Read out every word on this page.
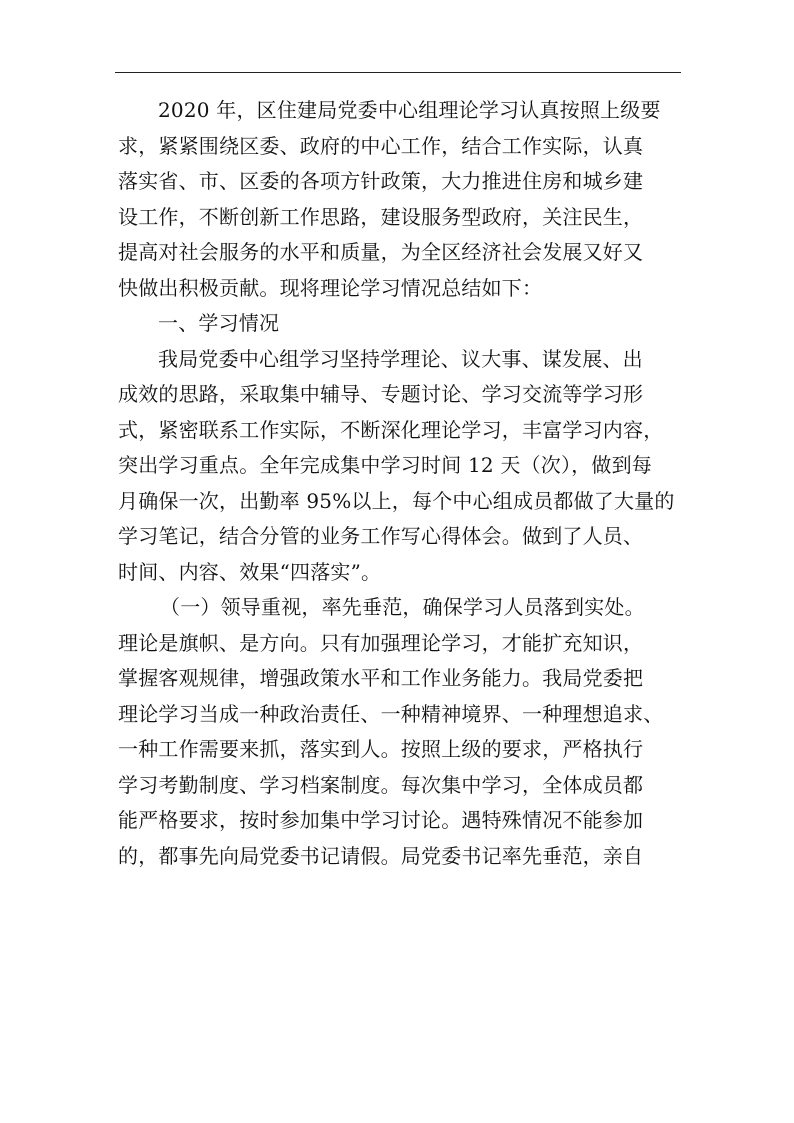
2020 年，区住建局党委中心组理论学习认真按照上级要
求，紧紧围绕区委、政府的中心工作，结合工作实际，认真
落实省、市、区委的各项方针政策，大力推进住房和城乡建
设工作，不断创新工作思路，建设服务型政府，关注民生，
提高对社会服务的水平和质量，为全区经济社会发展又好又
快做出积极贡献。现将理论学习情况总结如下：
一、学习情况
我局党委中心组学习坚持学理论、议大事、谋发展、出
成效的思路，采取集中辅导、专题讨论、学习交流等学习形
式，紧密联系工作实际，不断深化理论学习，丰富学习内容，
突出学习重点。全年完成集中学习时间 12 天（次），做到每
月确保一次，出勤率 95%以上，每个中心组成员都做了大量的
学习笔记，结合分管的业务工作写心得体会。做到了人员、
时间、内容、效果“四落实”。
（一）领导重视，率先垂范，确保学习人员落到实处。
理论是旗帜、是方向。只有加强理论学习，才能扩充知识，
掌握客观规律，增强政策水平和工作业务能力。我局党委把
理论学习当成一种政治责任、一种精神境界、一种理想追求、
一种工作需要来抓，落实到人。按照上级的要求，严格执行
学习考勤制度、学习档案制度。每次集中学习，全体成员都
能严格要求，按时参加集中学习讨论。遇特殊情况不能参加
的，都事先向局党委书记请假。局党委书记率先垂范，亲自
